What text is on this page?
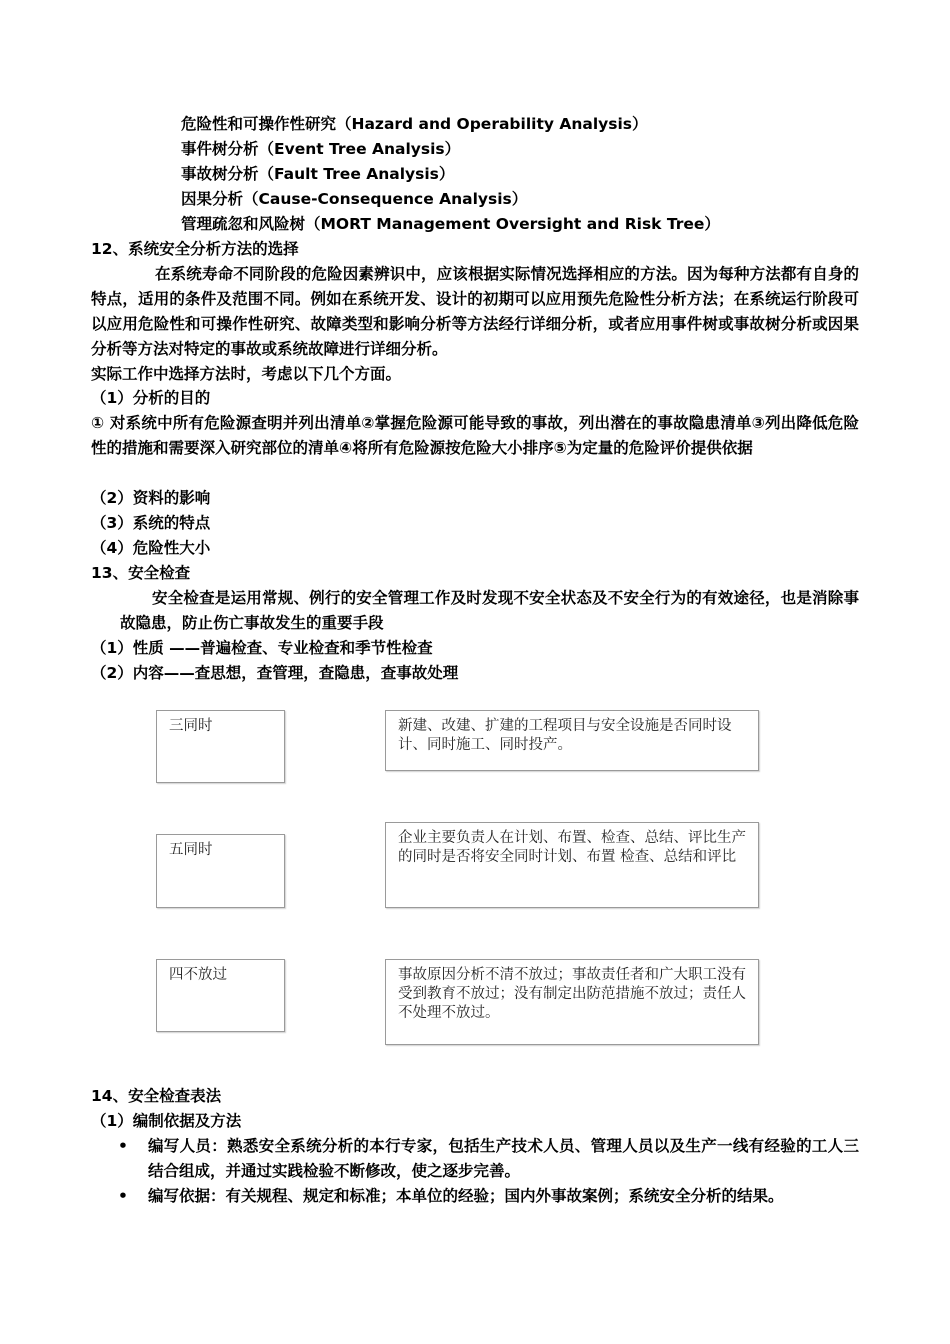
危险性和可操作性研究（Hazard and Operability Analysis）

事件树分析（Event Tree Analysis）

事故树分析（Fault Tree Analysis）

因果分析（Cause-Consequence Analysis）

管理疏忽和风险树（MORT Management Oversight and Risk Tree）

12、系统安全分析方法的选择

在系统寿命不同阶段的危险因素辨识中，应该根据实际情况选择相应的方法。因为每种方法都有自身的特点，适用的条件及范围不同。例如在系统开发、设计的初期可以应用预先危险性分析方法；在系统运行阶段可以应用危险性和可操作性研究、故障类型和影响分析等方法经行详细分析，或者应用事件树或事故树分析或因果分析等方法对特定的事故或系统故障进行详细分析。

实际工作中选择方法时，考虑以下几个方面。

（1）分析的目的

① 对系统中所有危险源查明并列出清单②掌握危险源可能导致的事故，列出潜在的事故隐患清单③列出降低危险性的措施和需要深入研究部位的清单④将所有危险源按危险大小排序⑤为定量的危险评价提供依据

（2）资料的影响

（3）系统的特点

（4）危险性大小

13、安全检查

安全检查是运用常规、例行的安全管理工作及时发现不安全状态及不安全行为的有效途径，也是消除事故隐患，防止伤亡事故发生的重要手段

（1）性质 ——普遍检查、专业检查和季节性检查

（2）内容——查思想，查管理，查隐患，查事故处理

三同时	新建、改建、扩建的工程项目与安全设施是否同时设计、同时施工、同时投产。
五同时
企业主要负责人在计划、布置、检查、总结、评比生产的同时是否将安全同时计划、布置 检查、总结和评比
四不放过	事故原因分析不清不放过；事故责任者和广大职工没有受到教育不放过；没有制定出防范措施不放过；责任人不处理不放过。

14、安全检查表法

（1）编制依据及方法

• 编写人员：熟悉安全系统分析的本行专家，包括生产技术人员、管理人员以及生产一线有经验的工人三结合组成，并通过实践检验不断修改，使之逐步完善。

• 编写依据：有关规程、规定和标准；本单位的经验；国内外事故案例；系统安全分析的结果。
